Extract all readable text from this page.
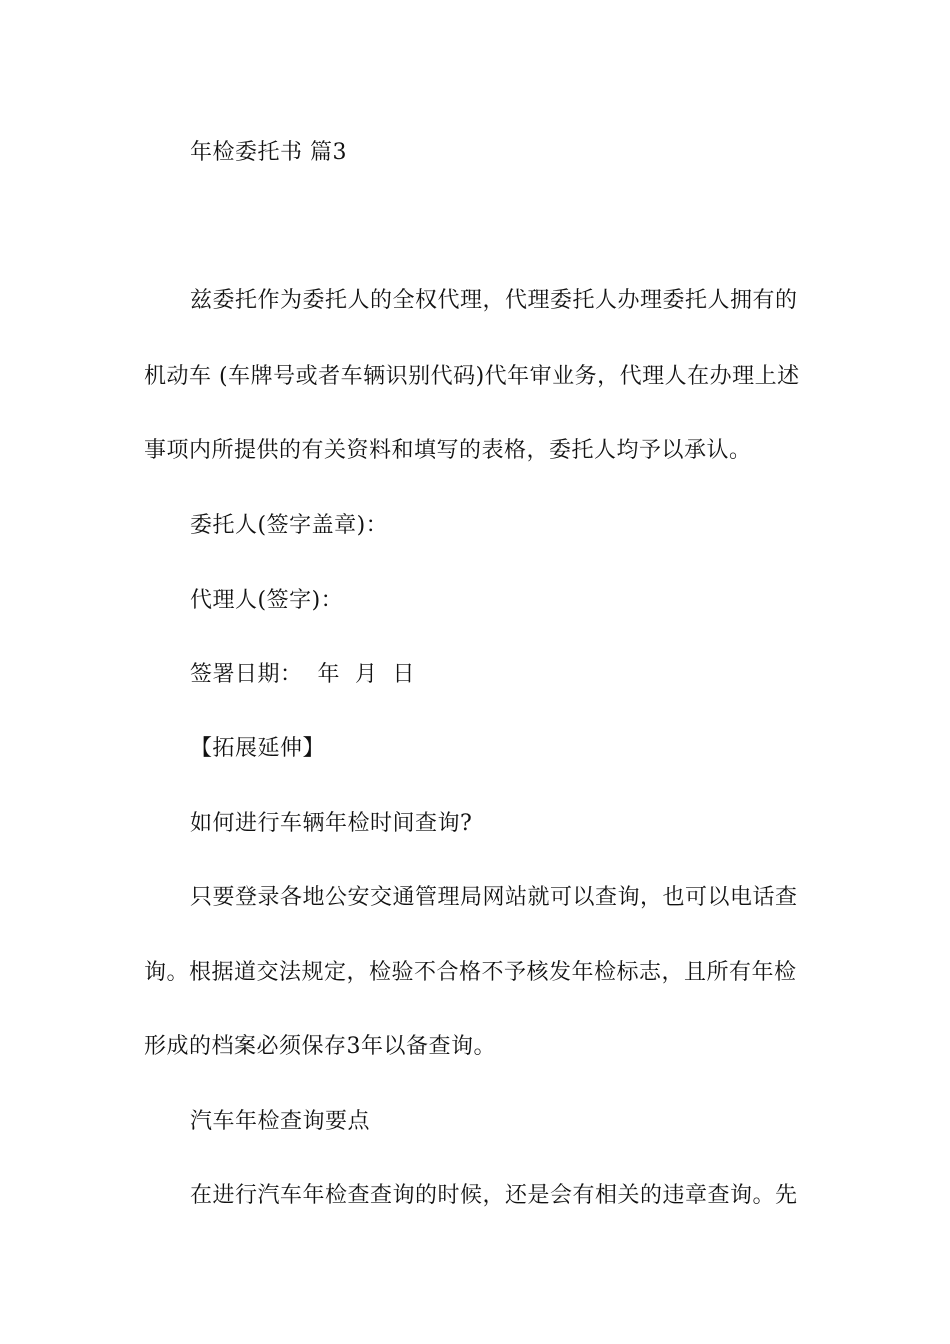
年检委托书 篇3
兹委托作为委托人的全权代理，代理委托人办理委托人拥有的
机动车 (车牌号或者车辆识别代码)代年审业务，代理人在办理上述
事项内所提供的有关资料和填写的表格，委托人均予以承认。
委托人(签字盖章)：
代理人(签字)：
签署日期：  年  月  日
【拓展延伸】
如何进行车辆年检时间查询?
只要登录各地公安交通管理局网站就可以查询，也可以电话查
询。根据道交法规定，检验不合格不予核发年检标志，且所有年检
形成的档案必须保存3年以备查询。
汽车年检查询要点
在进行汽车年检查查询的时候，还是会有相关的违章查询。先
